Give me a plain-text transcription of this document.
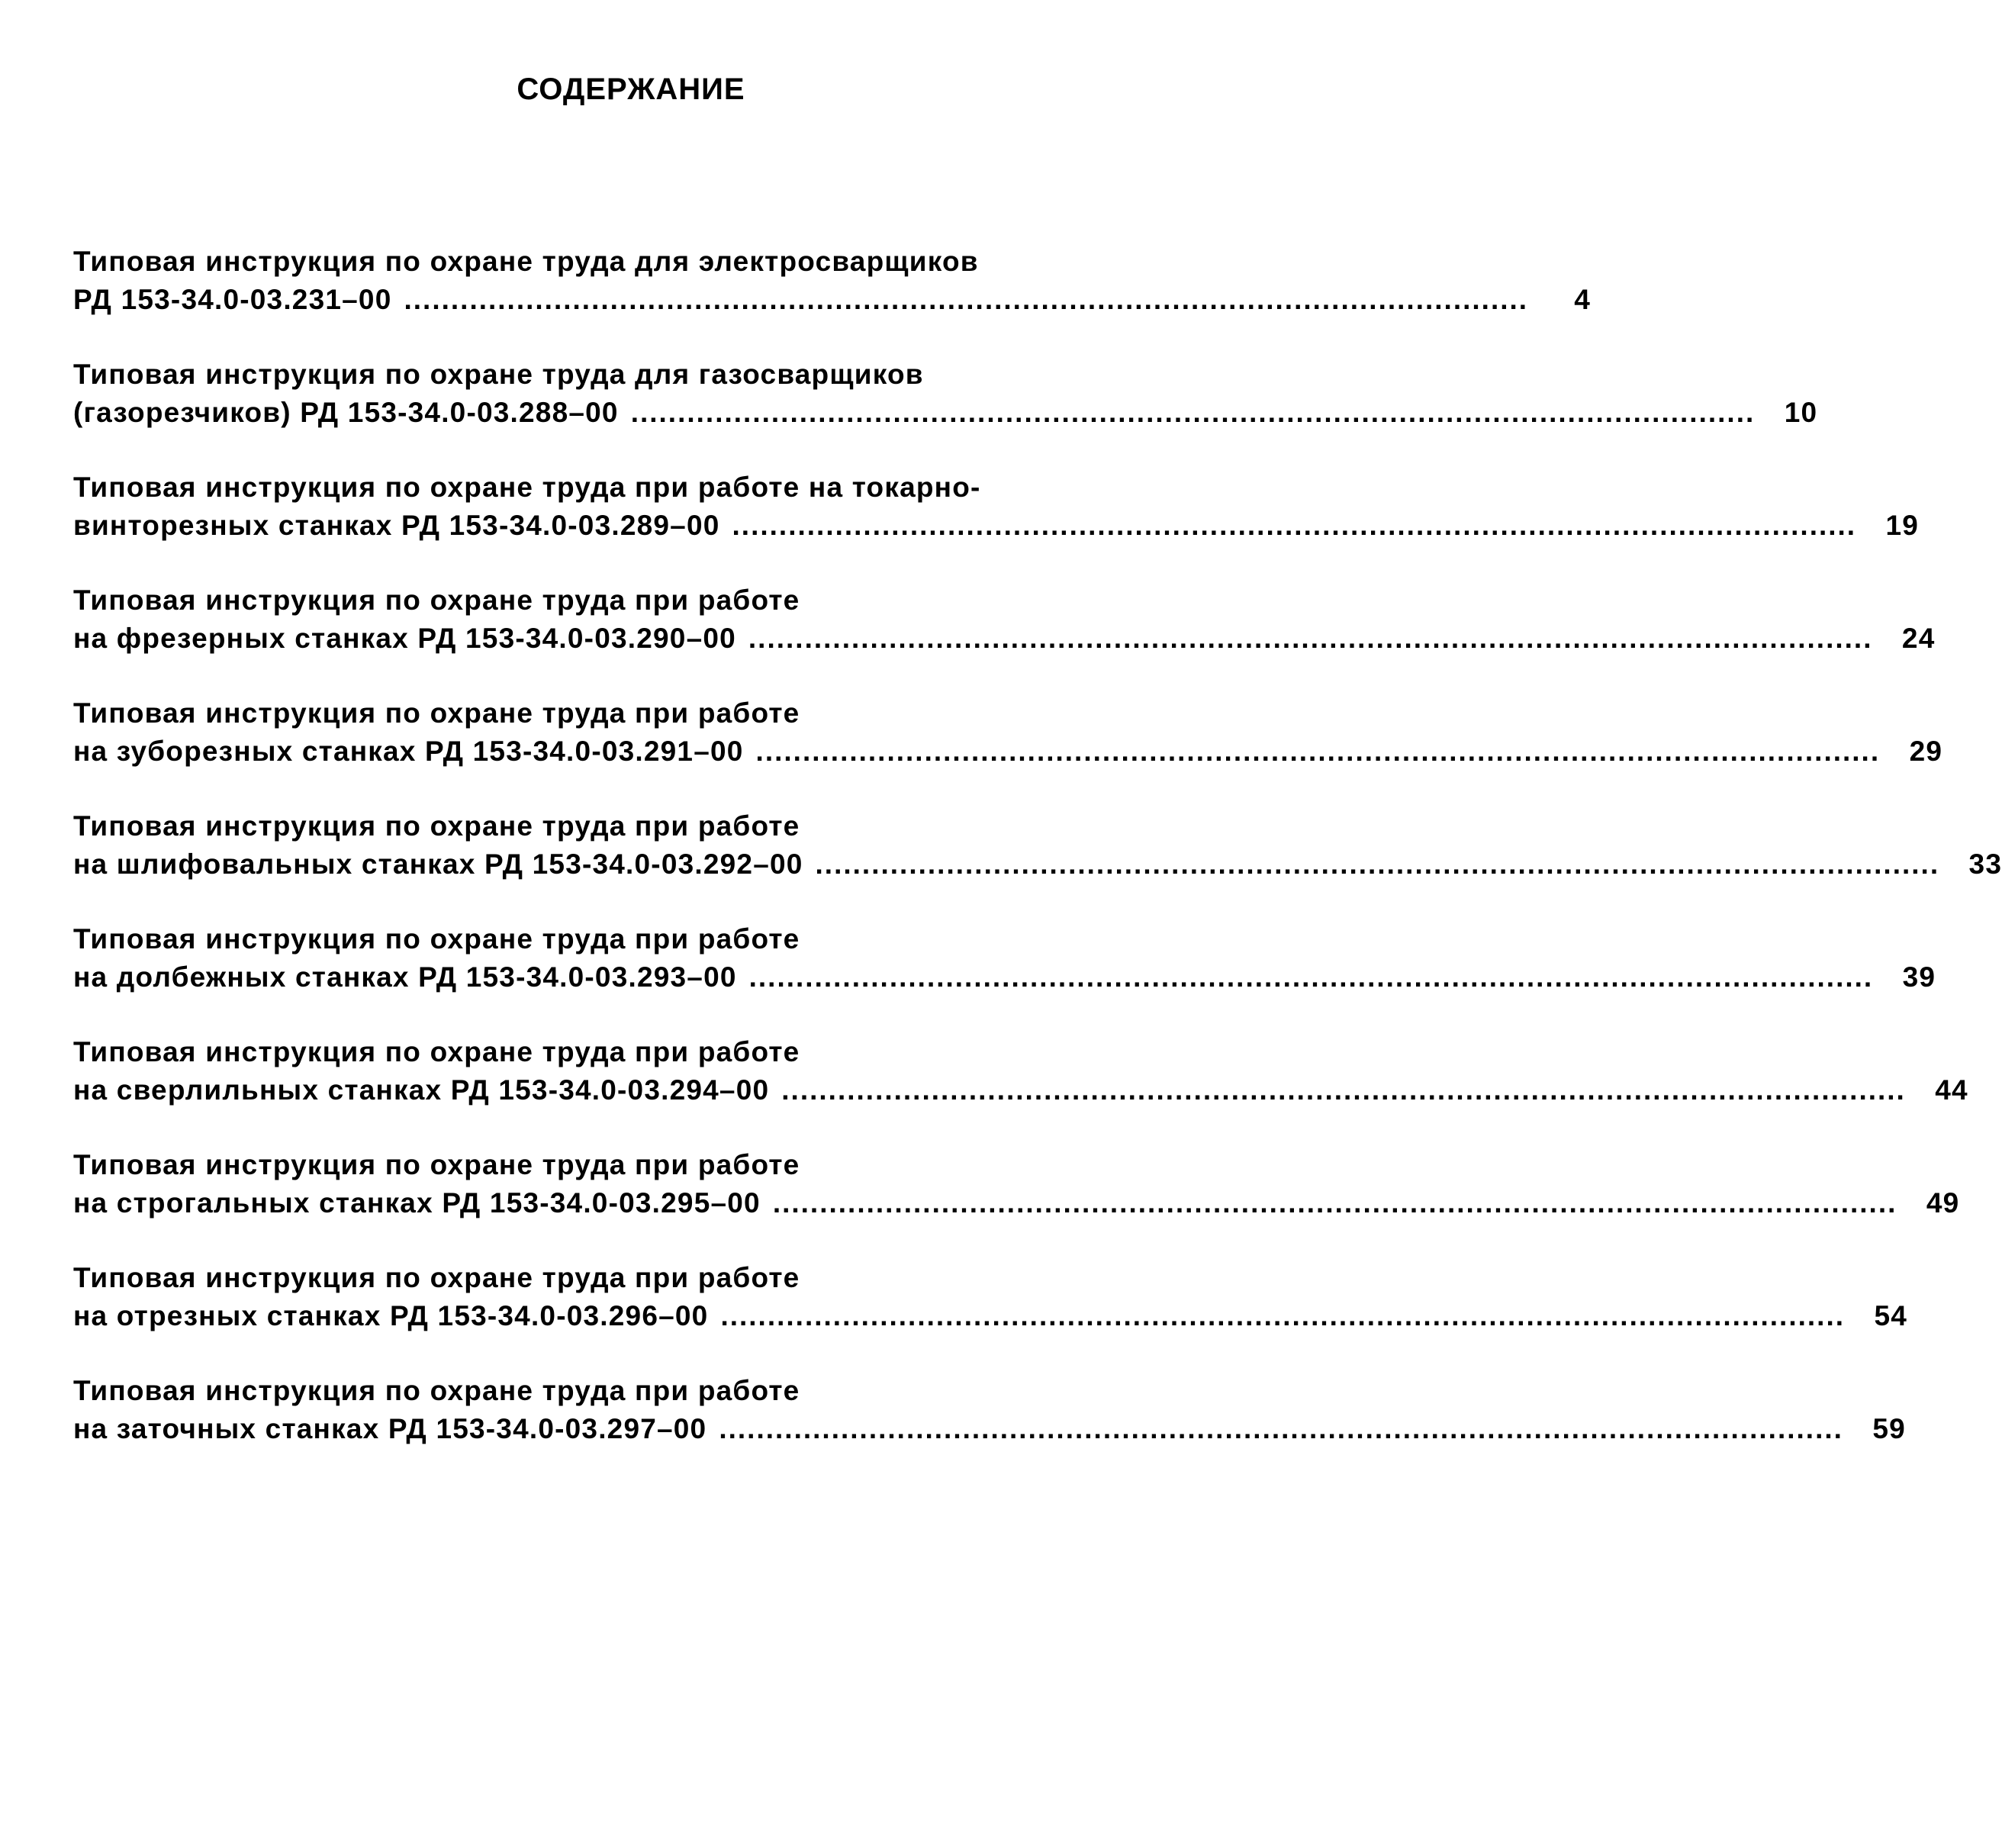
СОДЕРЖАНИЕ
Типовая инструкция по охране труда для электросварщиков
РД 153-34.0-03.231–00 ........................................................................................................................	4
Типовая инструкция по охране труда для газосварщиков
(газорезчиков) РД 153-34.0-03.288–00 ........................................................................................................................	10
Типовая инструкция по охране труда при работе на токарно-
винторезных станках РД 153-34.0-03.289–00 ........................................................................................................................	19
Типовая инструкция по охране труда при работе
на фрезерных станках РД 153-34.0-03.290–00 ........................................................................................................................	24
Типовая инструкция по охране труда при работе
на зуборезных станках РД 153-34.0-03.291–00 ........................................................................................................................	29
Типовая инструкция по охране труда при работе
на шлифовальных станках РД 153-34.0-03.292–00 ........................................................................................................................	33
Типовая инструкция по охране труда при работе
на долбежных станках РД 153-34.0-03.293–00 ........................................................................................................................	39
Типовая инструкция по охране труда при работе
на сверлильных станках РД 153-34.0-03.294–00 ........................................................................................................................	44
Типовая инструкция по охране труда при работе
на строгальных станках РД 153-34.0-03.295–00 ........................................................................................................................	49
Типовая инструкция по охране труда при работе
на отрезных станках РД 153-34.0-03.296–00 ........................................................................................................................	54
Типовая инструкция по охране труда при работе
на заточных станках РД 153-34.0-03.297–00 ........................................................................................................................	59
